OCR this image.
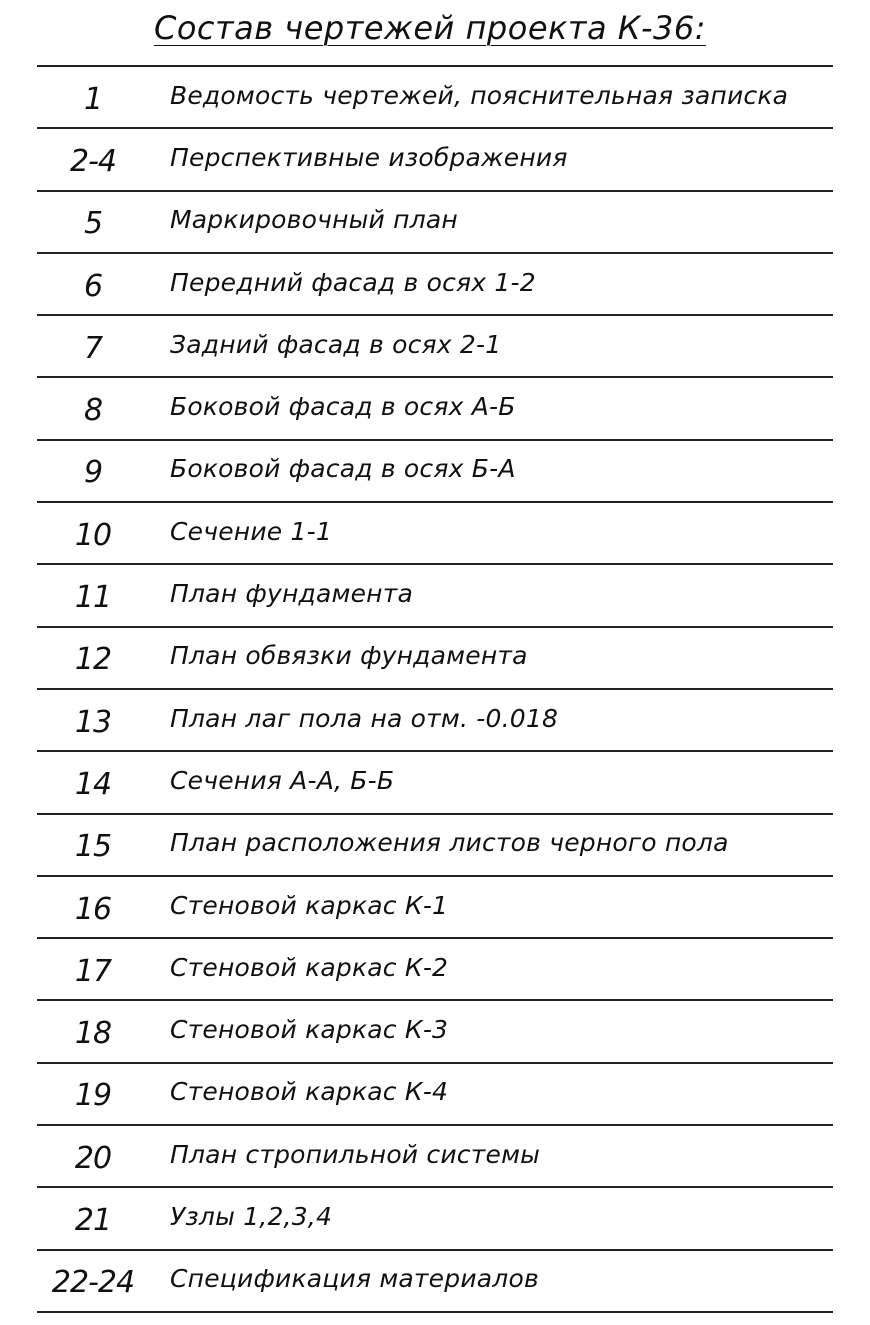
Состав чертежей проекта К-36:
1	Ведомость чертежей, пояснительная записка
2-4 Перспективные изображения
5	Маркировочный план
6	Передний фасад в осях 1-2
7	Задний фасад в осях 2-1
8	Боковой фасад в осях А-Б
9	Боковой фасад в осях Б-А
10 Сечение 1-1
11 План фундамента
12 План обвязки фундамента
13 План лаг пола на отм. -0.018
14 Сечения А-А, Б-Б
15 План расположения листов черного пола
16 Стеновой каркас К-1
17 Стеновой каркас К-2
18 Стеновой каркас К-3
19 Стеновой каркас К-4
20 План стропильной системы
21 Узлы 1,2,3,4
22-24 Спецификация материалов
